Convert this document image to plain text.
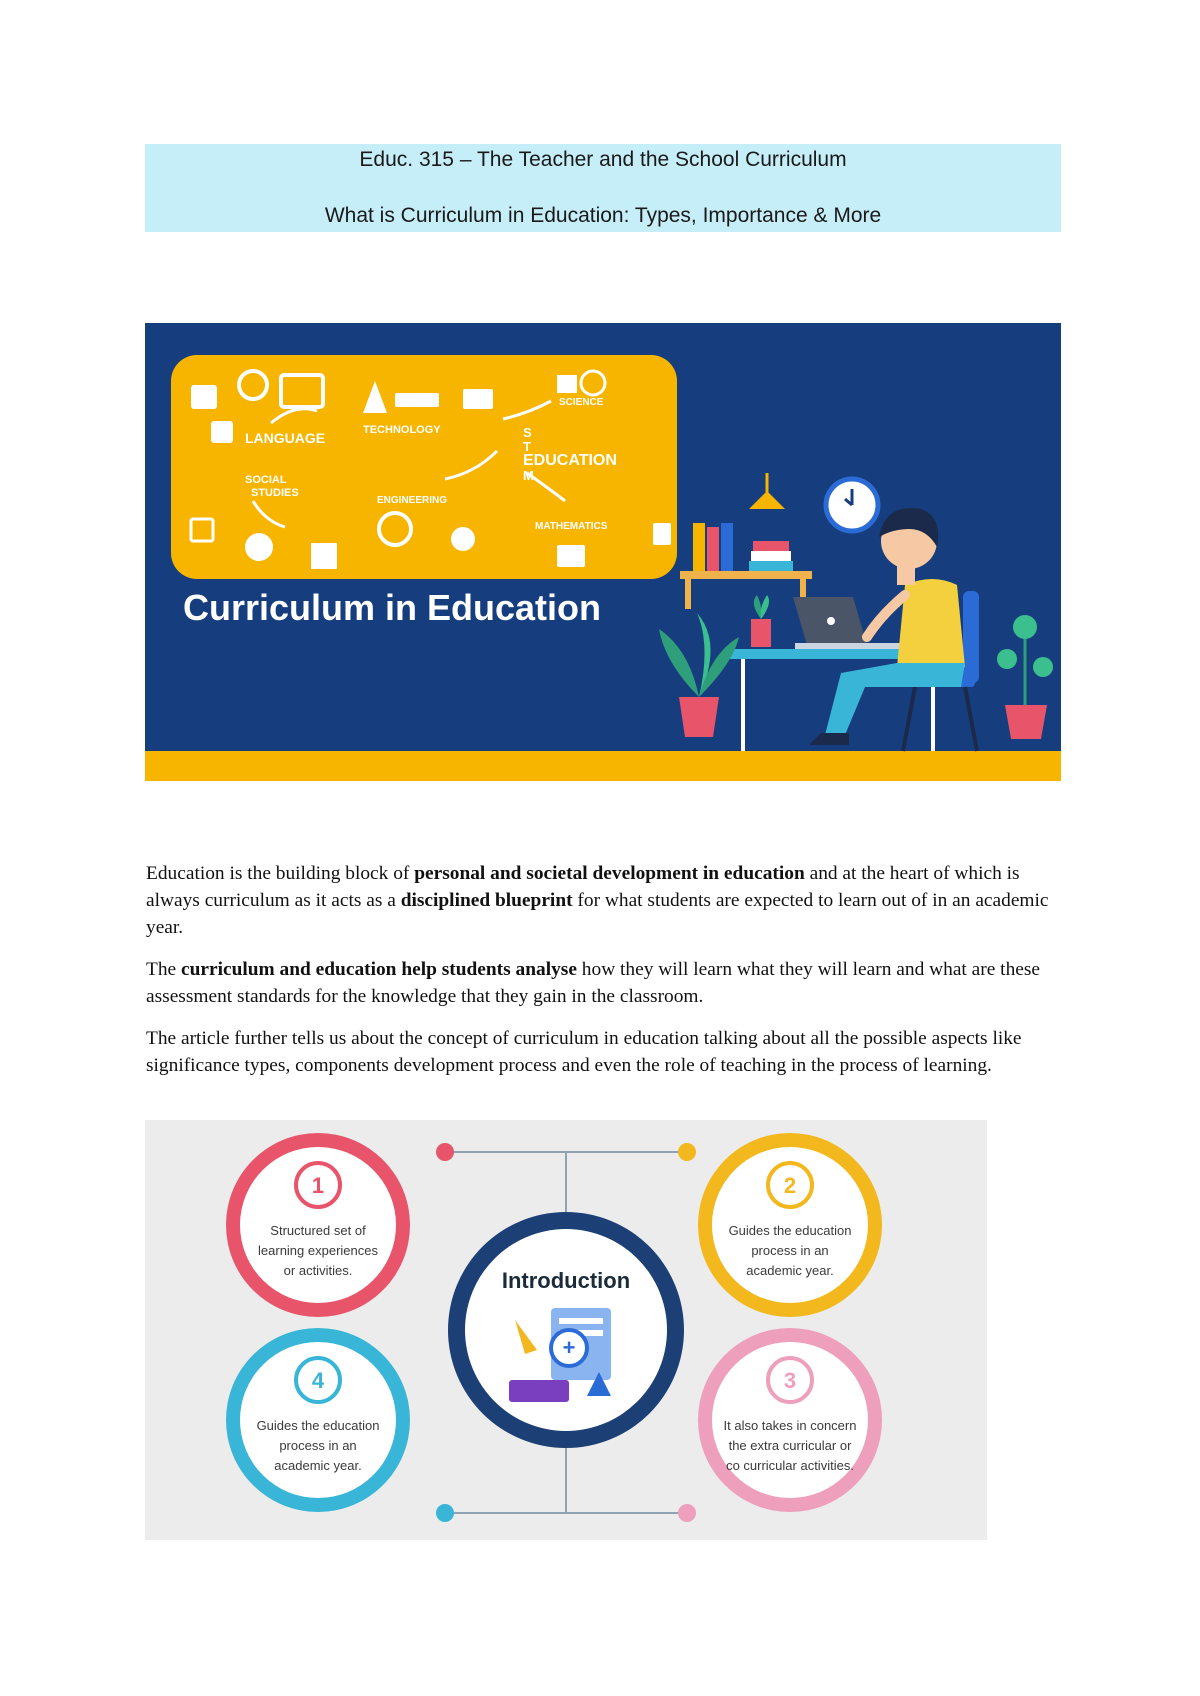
Educ. 315 – The Teacher and the School Curriculum
What is Curriculum in Education: Types, Importance & More
LANGUAGE	TECHNOLOGY
SCIENCE
S
T
EDUCATION
M
SOCIAL
STUDIES
ENGINEERING
MATHEMATICS
Curriculum in Education

Education is the building block of personal and societal development in education and at the heart of which is always curriculum as it acts as a disciplined blueprint for what students are expected to learn out of in an academic year.

The curriculum and education help students analyse how they will learn what they will learn and what are these assessment standards for the knowledge that they gain in the classroom.

The article further tells us about the concept of curriculum in education talking about all the possible aspects like significance types, components development process and even the role of teaching in the process of learning.

Introduction
+
1
Structured set of
learning experiences
or activities.
2
Guides the education
process in an
academic year.
3
It also takes in concern
the extra curricular or
co curricular activities.
4
Guides the education
process in an
academic year.
